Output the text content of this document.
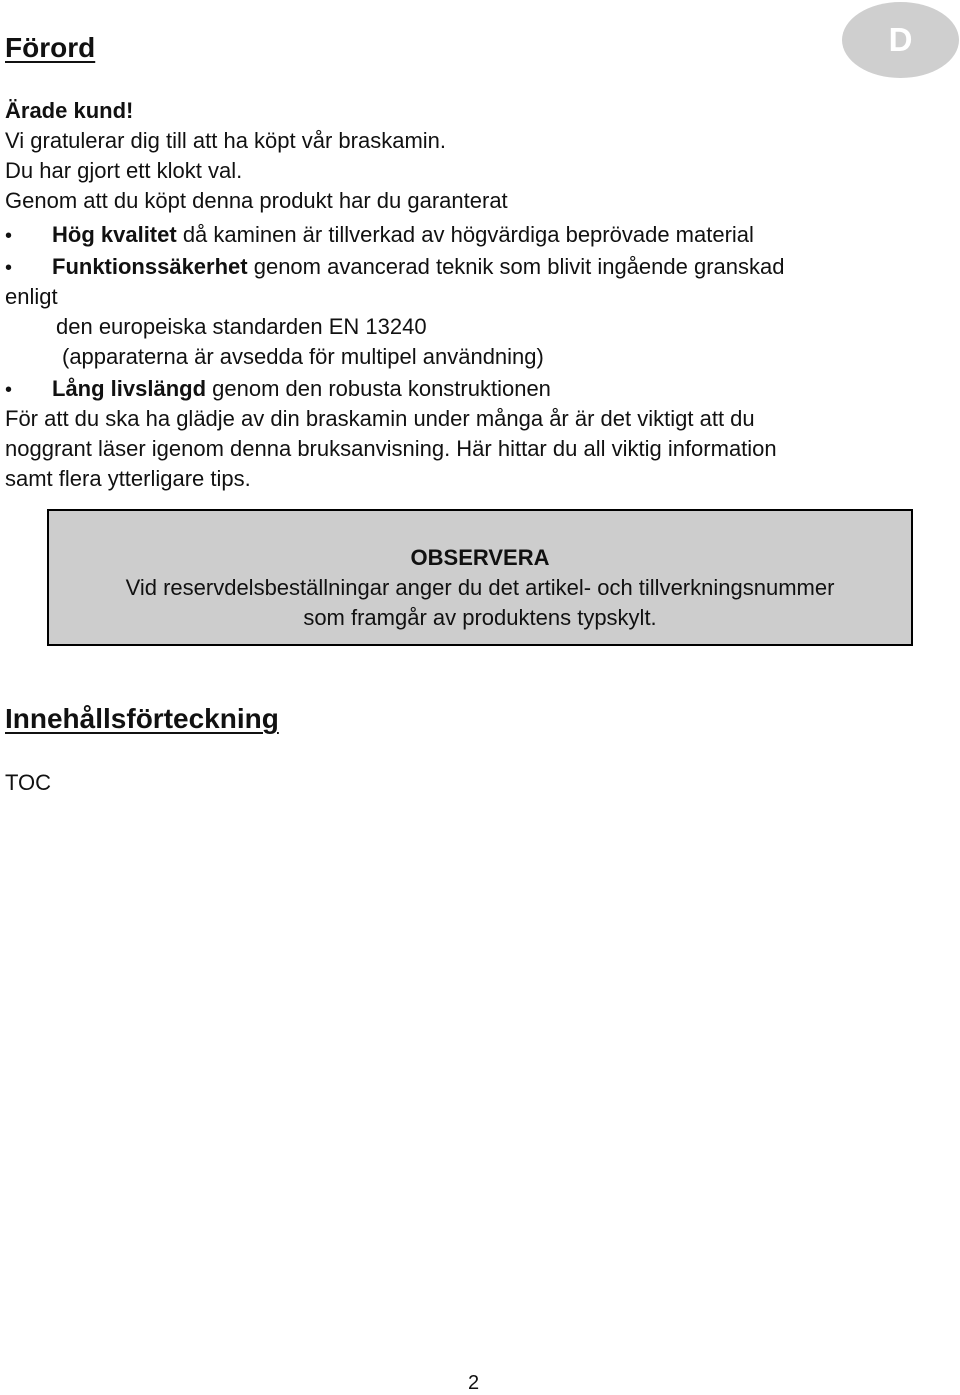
D
Förord
Ärade kund!
Vi gratulerar dig till att ha köpt vår braskamin.
Du har gjort ett klokt val.
Genom att du köpt denna produkt har du garanterat
• Hög kvalitet då kaminen är tillverkad av högvärdiga beprövade material
• Funktionssäkerhet genom avancerad teknik som blivit ingående granskad
enligt
den europeiska standarden EN 13240
(apparaterna är avsedda för multipel användning)
• Lång livslängd genom den robusta konstruktionen
För att du ska ha glädje av din braskamin under många år är det viktigt att du
noggrant läser igenom denna bruksanvisning. Här hittar du all viktig information
samt flera ytterligare tips.
OBSERVERA
Vid reservdelsbeställningar anger du det artikel- och tillverkningsnummer
som framgår av produktens typskylt.
Innehållsförteckning
TOC
2
